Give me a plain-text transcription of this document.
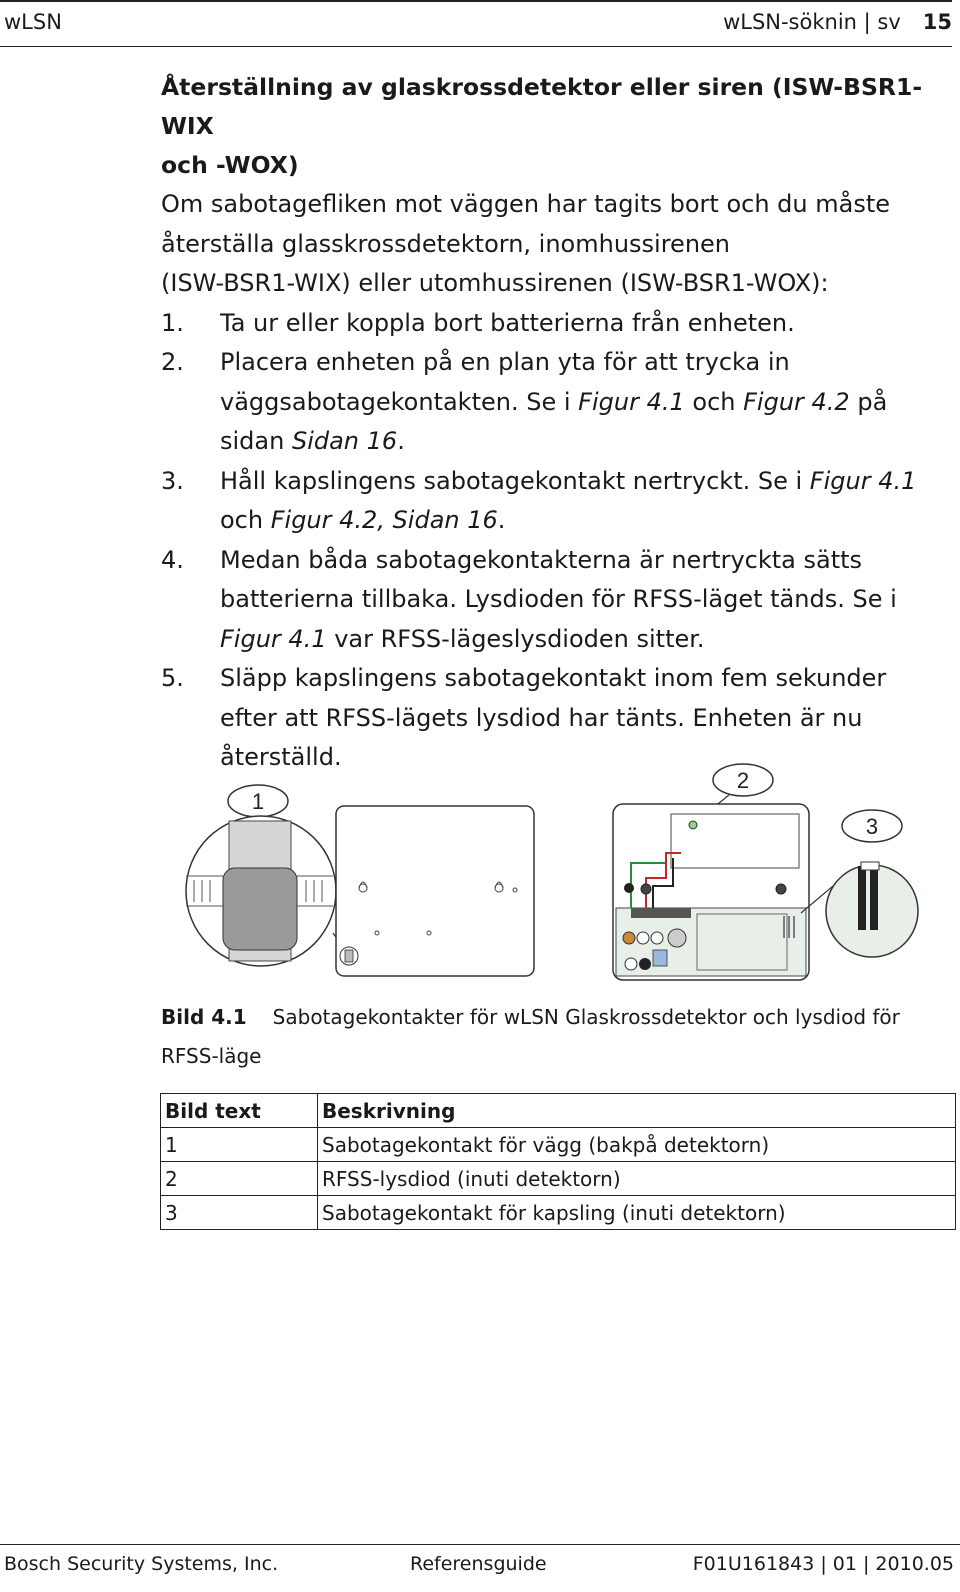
wLSN	wLSN-söknin | sv 15

Återställning av glaskrossdetektor eller siren (ISW-BSR1-WIX
och -WOX)

Om sabotagefliken mot väggen har tagits bort och du måste
återställa glasskrossdetektorn, inomhussirenen
(ISW-BSR1-WIX) eller utomhussirenen (ISW-BSR1-WOX):

1. Ta ur eller koppla bort batterierna från enheten.
2. Placera enheten på en plan yta för att trycka in
väggsabotagekontakten. Se i Figur 4.1 och Figur 4.2 på
sidan Sidan 16.
3. Håll kapslingens sabotagekontakt nertryckt. Se i Figur 4.1
och Figur 4.2, Sidan 16.
4. Medan båda sabotagekontakterna är nertryckta sätts
batterierna tillbaka. Lysdioden för RFSS-läget tänds. Se i
Figur 4.1 var RFSS-lägeslysdioden sitter.
5. Släpp kapslingens sabotagekontakt inom fem sekunder
efter att RFSS-lägets lysdiod har tänts. Enheten är nu
återställd.
1
2
3
Bild 4.1 Sabotagekontakter för wLSN Glaskrossdetektor och lysdiod för
RFSS-läge
Bild text	Beskrivning
1	Sabotagekontakt för vägg (bakpå detektorn)
2	RFSS-lysdiod (inuti detektorn)
3	Sabotagekontakt för kapsling (inuti detektorn)
Bosch Security Systems, Inc.	Referensguide	F01U161843 | 01 | 2010.05
